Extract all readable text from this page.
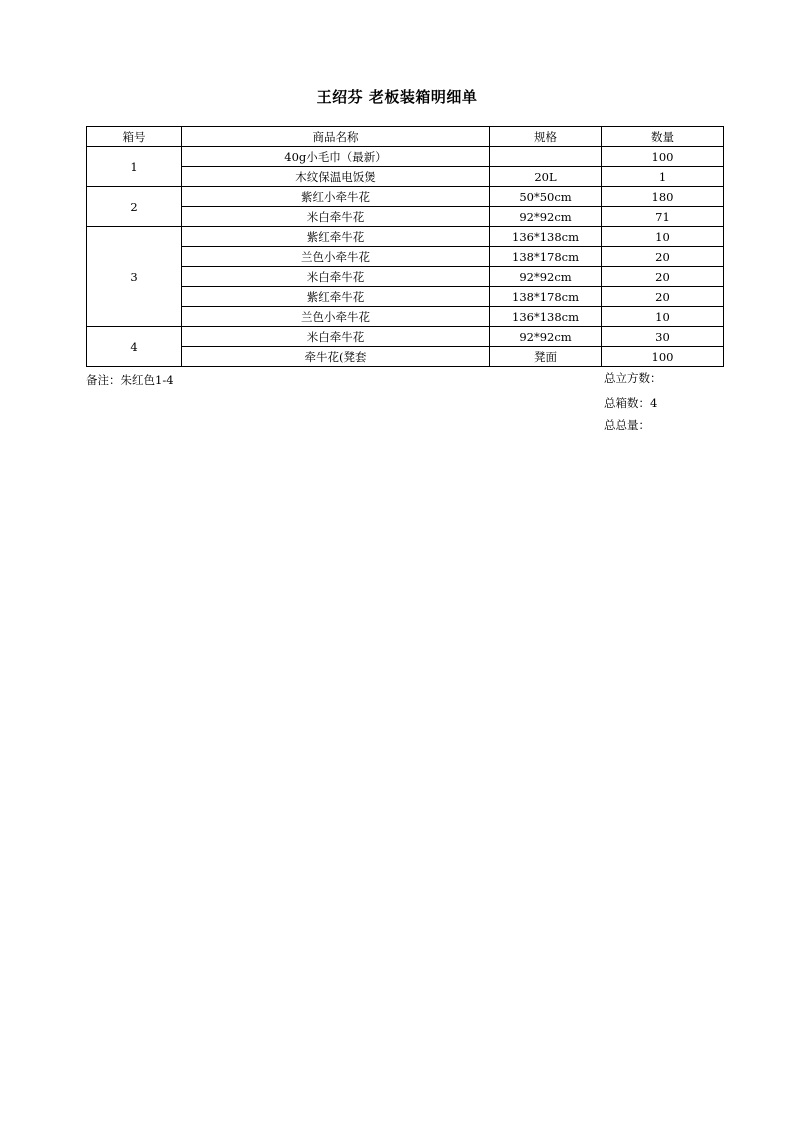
王绍芬 老板装箱明细单
箱号	商品名称	规格	数量
1	40g小毛巾（最新）		100
	木纹保温电饭煲	20L	1
2	紫红小牵牛花	50*50cm	180
	米白牵牛花	92*92cm	71
3	紫红牵牛花	136*138cm	10
	兰色小牵牛花	138*178cm	20
	米白牵牛花	92*92cm	20
	紫红牵牛花	138*178cm	20
	兰色小牵牛花	136*138cm	10
4	米白牵牛花	92*92cm	30
	牵牛花(凳套	凳面	100
备注：朱红色1-4	总立方数：
总箱数：4
总总量：
